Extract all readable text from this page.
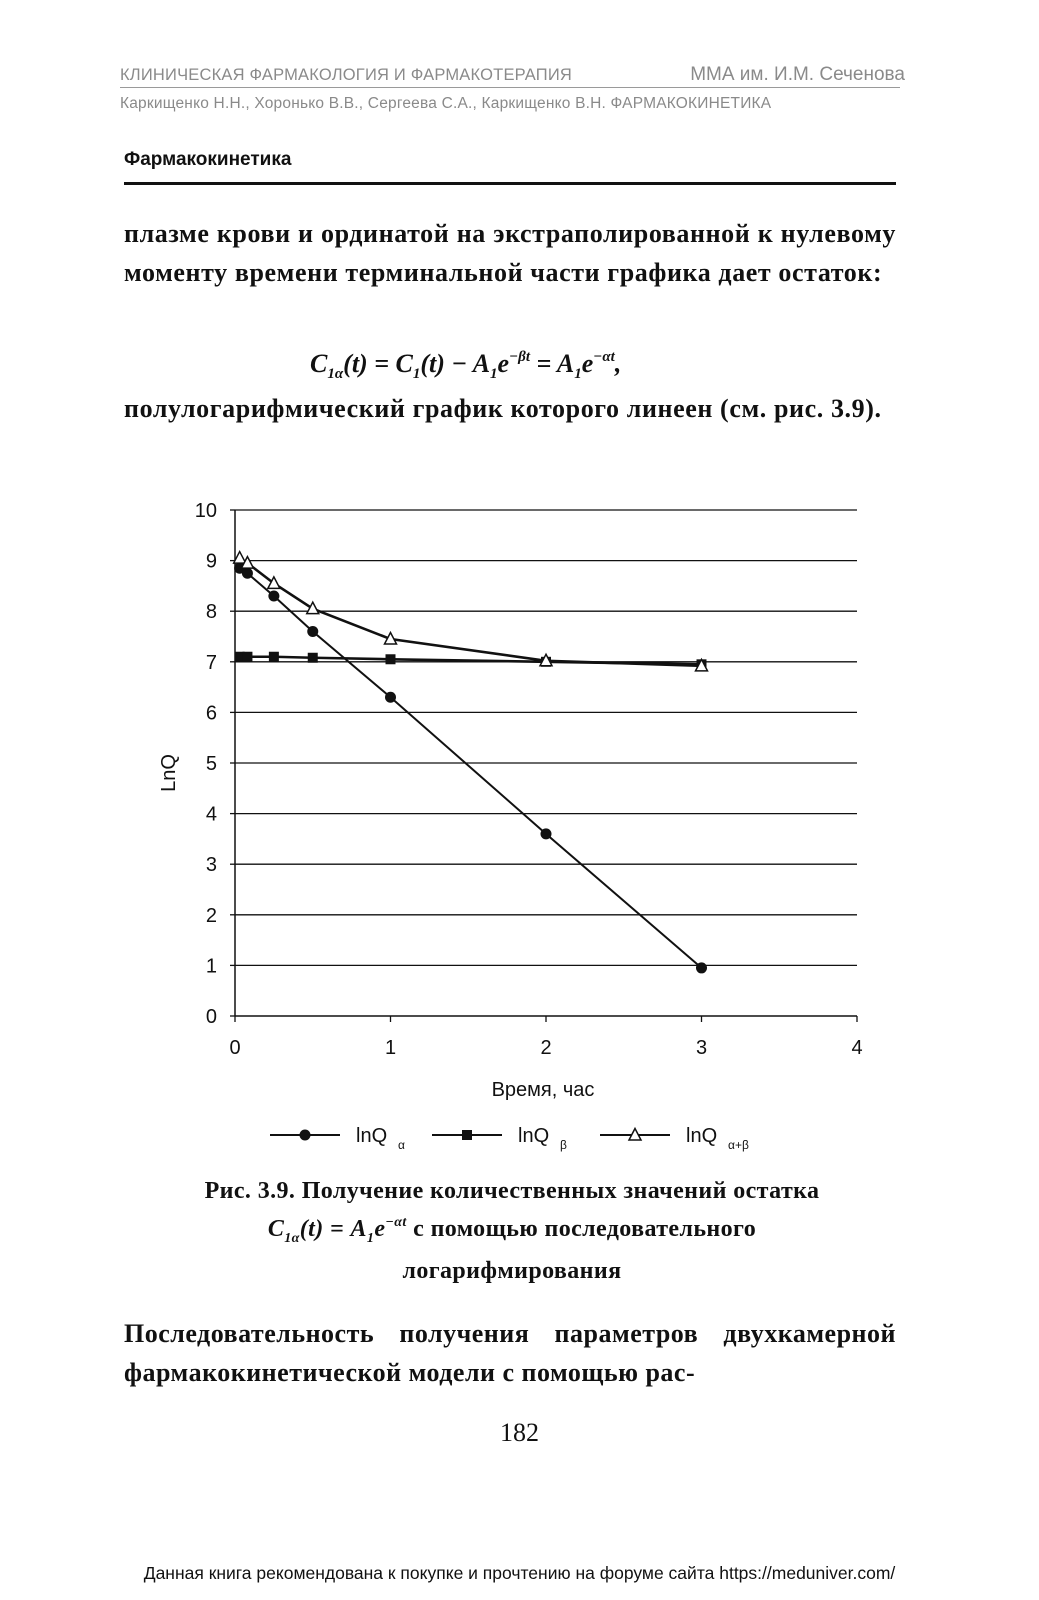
КЛИНИЧЕСКАЯ ФАРМАКОЛОГИЯ И ФАРМАКОТЕРАПИЯ	ММА им. И.М. Сеченова
Каркищенко Н.Н., Хоронько В.В., Сергеева С.А., Каркищенко В.Н. ФАРМАКОКИНЕТИКА
Фармакокинетика
плазме крови и ординатой на экстраполированной к нулевому моменту времени терминальной части графика дает остаток:
$C_{1\alpha}(t) = C_1(t) - A_1e^{-\beta t} = A_1e^{-\alpha t}$,
полулогарифмический график которого линеен (см. рис. 3.9).
0
1
2
3
4
5
6
7
8
9
10
0	1	2	3	4
Время, час
LnQ
lnQ α	lnQ β	lnQ α+β
Рис. 3.9. Получение количественных значений остатка
$C_{1\alpha}(t) = A_1e^{-\alpha t}$ с помощью последовательного
логарифмирования
Последовательность получения параметров двухкамерной фармакокинетической модели с помощью рас-
182
Данная книга рекомендована к покупке и прочтению на форуме сайта https://meduniver.com/
